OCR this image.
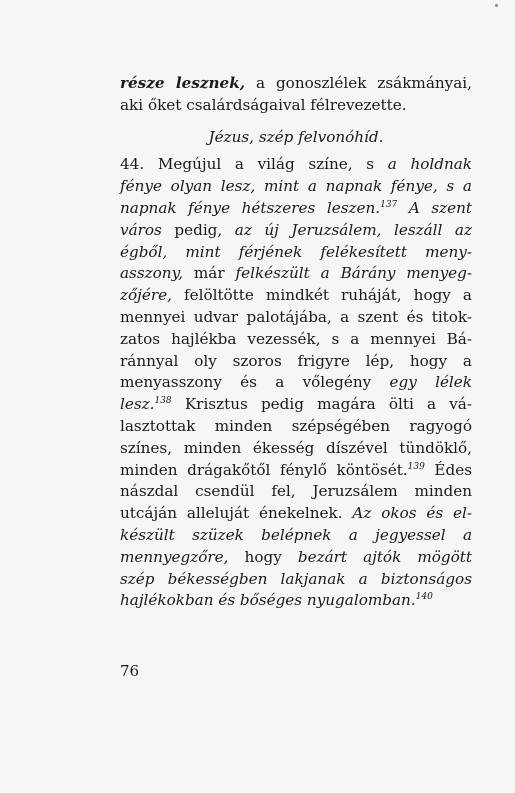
része lesznek, a gonoszlélek zsákmányai,
aki őket csalárdságaival félrevezette.
Jézus, szép felvonóhíd.
44. Megújul a világ színe, s a holdnak
fénye olyan lesz, mint a napnak fénye, s a
napnak fénye hétszeres leszen.$^{137}$ A szent
város pedig, az új Jeruzsálem, leszáll az
égből, mint férjének felékesített meny-
asszony, már felkészült a Bárány menyeg-
zőjére, felöltötte mindkét ruháját, hogy a
mennyei udvar palotájába, a szent és titok-
zatos hajlékba vezessék, s a mennyei Bá-
ránnyal oly szoros frigyre lép, hogy a
menyasszony és a vőlegény egy lélek
lesz.$^{138}$ Krisztus pedig magára ölti a vá-
lasztottak minden szépségében ragyogó
színes, minden ékesség díszével tündöklő,
minden drágakőtől fénylő köntösét.$^{139}$ Édes
nászdal csendül fel, Jeruzsálem minden
utcáján alleluját énekelnek. Az okos és el-
készült szüzek belépnek a jegyessel a
mennyegzőre, hogy bezárt ajtók mögött
szép békességben lakjanak a biztonságos
hajlékokban és bőséges nyugalomban.$^{140}$
76
